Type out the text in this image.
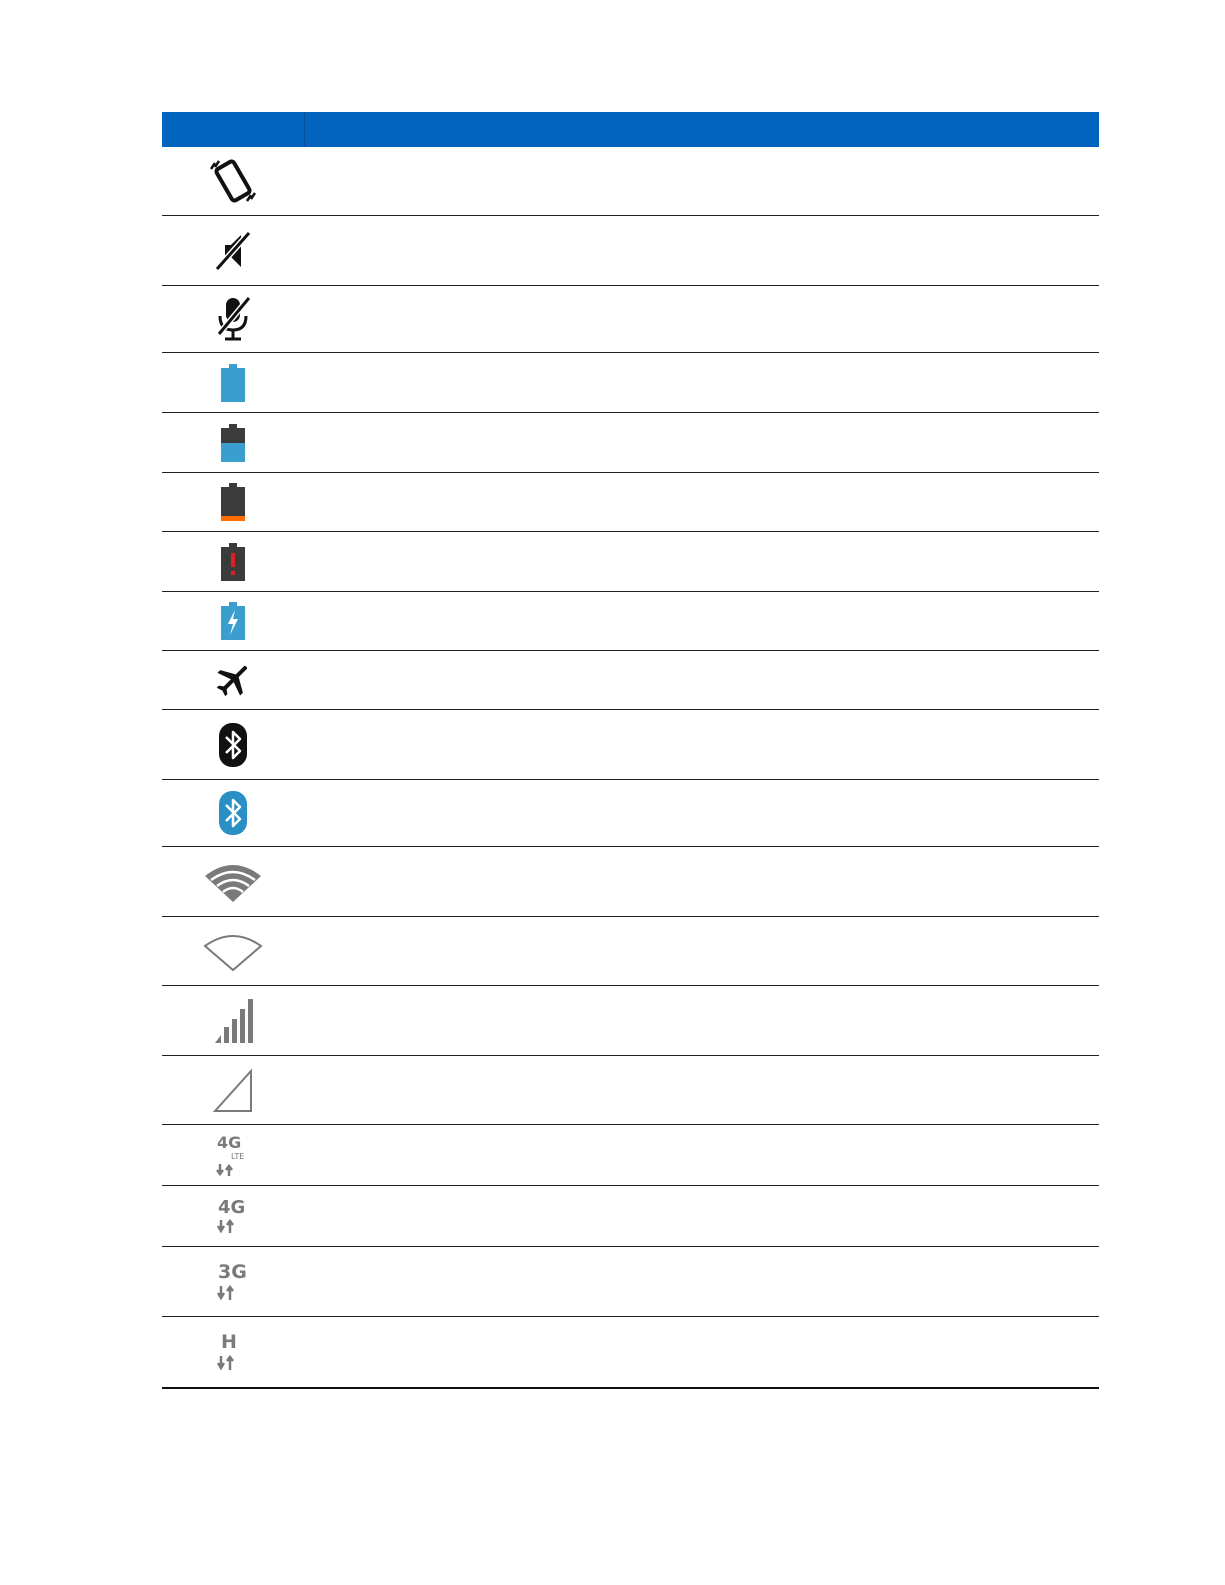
4G
LTE
4G
3G
H
